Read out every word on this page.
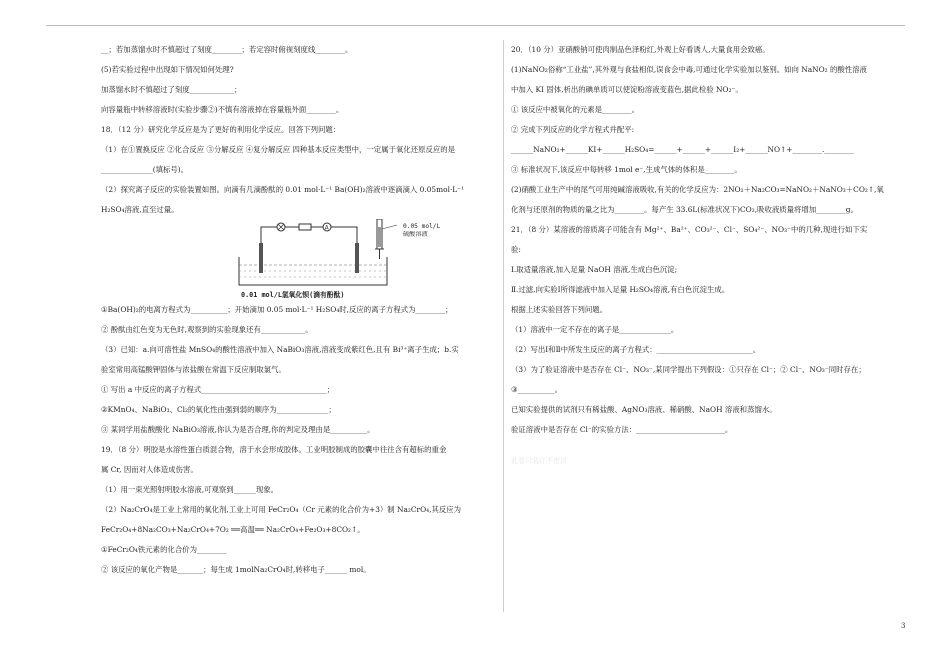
__；若加蒸馏水时不慎超过了刻度________；若定容时俯视刻度线________。
(5)若实验过程中出现如下情况如何处理?
加蒸馏水时不慎超过了刻度____________；
向容量瓶中转移溶液时(实验步骤②)不慎有溶液掉在容量瓶外面________。
18．（12 分）研究化学反应是为了更好的利用化学反应。回答下列问题：
（1）在①置换反应 ②化合反应 ③分解反应 ④复分解反应 四种基本反应类型中，一定属于氧化还原反应的是
______________(填标号)。
（2）探究离子反应的实验装置如图。向滴有几滴酚酞的 0.01 mol·L⁻¹ Ba(OH)₂溶液中逐滴滴入 0.05mol·L⁻¹
H₂SO₄溶液,直至过量。
A	0.05 mol/L
硫酸溶液
0.01 mol/L氢氧化钡(滴有酚酞)
①Ba(OH)₂的电离方程式为__________；开始滴加 0.05 mol·L⁻¹ H₂SO₄时,反应的离子方程式为________；
② 酚酞由红色变为无色时,观察到的实验现象还有____________。
（3）已知：a.向可溶性盐 MnSO₄的酸性溶液中加入 NaBiO₃溶液,溶液变成紫红色,且有 Bi³⁺离子生成；b.实
验室常用高锰酸钾固体与浓盐酸在常温下反应制取氯气。
① 写出 a 中反应的离子方程式__________________________________；
②KMnO₄、NaBiO₃、Cl₂的氧化性由强到弱的顺序为______________；
③ 某同学用盐酸酸化 NaBiO₃溶液,你认为是否合理,你的判定及理由是__________。
19．（8 分）明胶是水溶性蛋白质混合物，溶于水会形成胶体。工业明胶制成的胶囊中往往含有超标的重金
属 Cr, 因而对人体造成伤害。
（1）用一束光照射明胶水溶液,可观察到______现象。
（2）Na₂CrO₄是工业上常用的氧化剂,工业上可用 FeCr₂O₄（Cr 元素的化合价为+3）制 Na₂CrO₄,其反应为
FeCr₂O₄+8Na₂CO₃+Na₂CrO₄+7O₂ ══高温══ Na₂CrO₄+Fe₂O₃+8CO₂↑。
①FeCr₂O₄铁元素的化合价为________
② 该反应的氧化产物是_______；每生成 1molNa₂CrO₄时,转移电子______ mol。
20．（10 分）亚硝酸钠可使肉制品色泽粉红,外观上好看诱人,大量食用会致癌。
(1)NaNO₂俗称“工业盐”,其外观与食盐相似,误食会中毒,可通过化学实验加以鉴别。如向 NaNO₂ 的酸性溶液
中加入 KI 固体,析出的碘单质可以使淀粉溶液变蓝色,据此检验 NO₂⁻。
① 该反应中被氧化的元素是________。
② 完成下列反应的化学方程式并配平:
______NaNO₂+______KI+______H₂SO₄=______+______+______I₂+______NO↑+________.________
③ 标准状况下,该反应中每转移 1mol e⁻,生成气体的体积是________。
(2)硝酸工业生产中的尾气可用纯碱溶液吸收,有关的化学反应为：2NO₂＋Na₂CO₃=NaNO₂＋NaNO₃＋CO₂↑,氧
化剂与还原剂的物质的量之比为________。每产生 33.6L(标准状况下)CO₂,吸收液质量将增加________g。
21．（8 分）某溶液的溶质离子可能含有 Mg²⁺、Ba²⁺、CO₃²⁻、Cl⁻、SO₄²⁻、NO₃⁻中的几种,现进行如下实
验:
Ⅰ.取适量溶液,加入足量 NaOH 溶液,生成白色沉淀;
Ⅱ.过滤,向实验Ⅰ所得滤液中加入足量 H₂SO₄溶液,有白色沉淀生成。
根据上述实验回答下列问题。
（1）溶液中一定不存在的离子是______________。
（2）写出Ⅰ和Ⅱ中所发生反应的离子方程式：__________________________。
（3）为了验证溶液中是否存在 Cl⁻、NO₃⁻,某同学提出下列假设：①只存在 Cl⁻；② Cl⁻、NO₃⁻同时存在；
③__________。
已知实验提供的试剂只有稀盐酸、AgNO₃溶液、稀硝酸、NaOH 溶液和蒸馏水。
验证溶液中是否存在 Cl⁻的实验方法：________________________。
此卷只装订不密封
3
